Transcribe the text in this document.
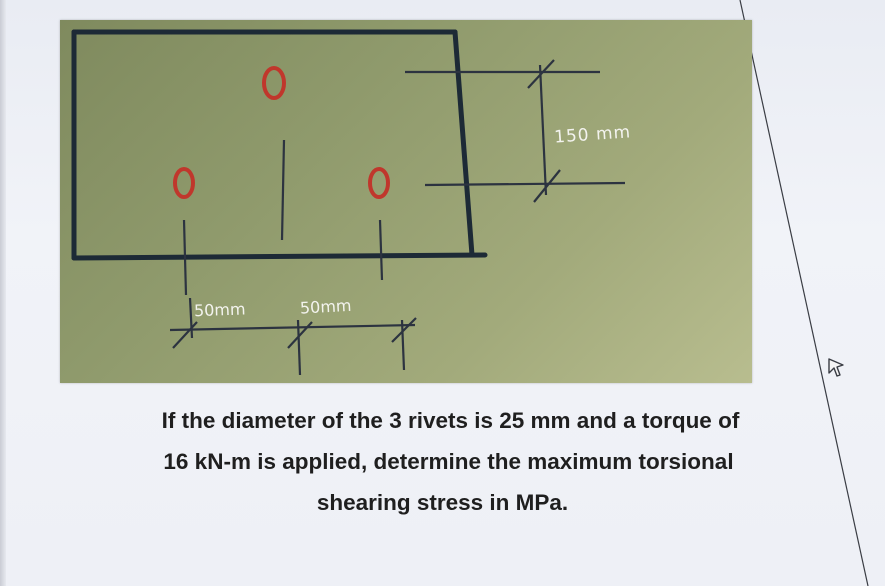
150 mm
50mm	50mm
If the diameter of the 3 rivets is 25 mm and a torque of
16 kN-m is applied, determine the maximum torsional
shearing stress in MPa.
